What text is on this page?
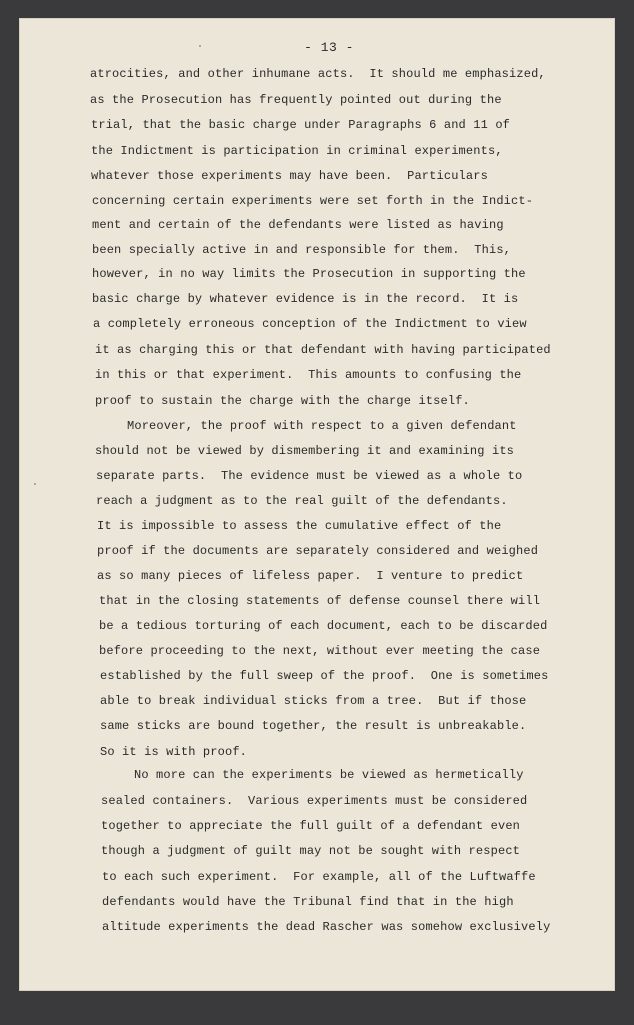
- 13 -
atrocities, and other inhumane acts.  It should me emphasized,
as the Prosecution has frequently pointed out during the
trial, that the basic charge under Paragraphs 6 and 11 of
the Indictment is participation in criminal experiments,
whatever those experiments may have been.  Particulars
concerning certain experiments were set forth in the Indict-
ment and certain of the defendants were listed as having
been specially active in and responsible for them.  This,
however, in no way limits the Prosecution in supporting the
basic charge by whatever evidence is in the record.  It is
a completely erroneous conception of the Indictment to view
it as charging this or that defendant with having participated
in this or that experiment.  This amounts to confusing the
proof to sustain the charge with the charge itself.
Moreover, the proof with respect to a given defendant
should not be viewed by dismembering it and examining its
separate parts.  The evidence must be viewed as a whole to
reach a judgment as to the real guilt of the defendants.
It is impossible to assess the cumulative effect of the
proof if the documents are separately considered and weighed
as so many pieces of lifeless paper.  I venture to predict
that in the closing statements of defense counsel there will
be a tedious torturing of each document, each to be discarded
before proceeding to the next, without ever meeting the case
established by the full sweep of the proof.  One is sometimes
able to break individual sticks from a tree.  But if those
same sticks are bound together, the result is unbreakable.
So it is with proof.
No more can the experiments be viewed as hermetically
sealed containers.  Various experiments must be considered
together to appreciate the full guilt of a defendant even
though a judgment of guilt may not be sought with respect
to each such experiment.  For example, all of the Luftwaffe
defendants would have the Tribunal find that in the high
altitude experiments the dead Rascher was somehow exclusively
